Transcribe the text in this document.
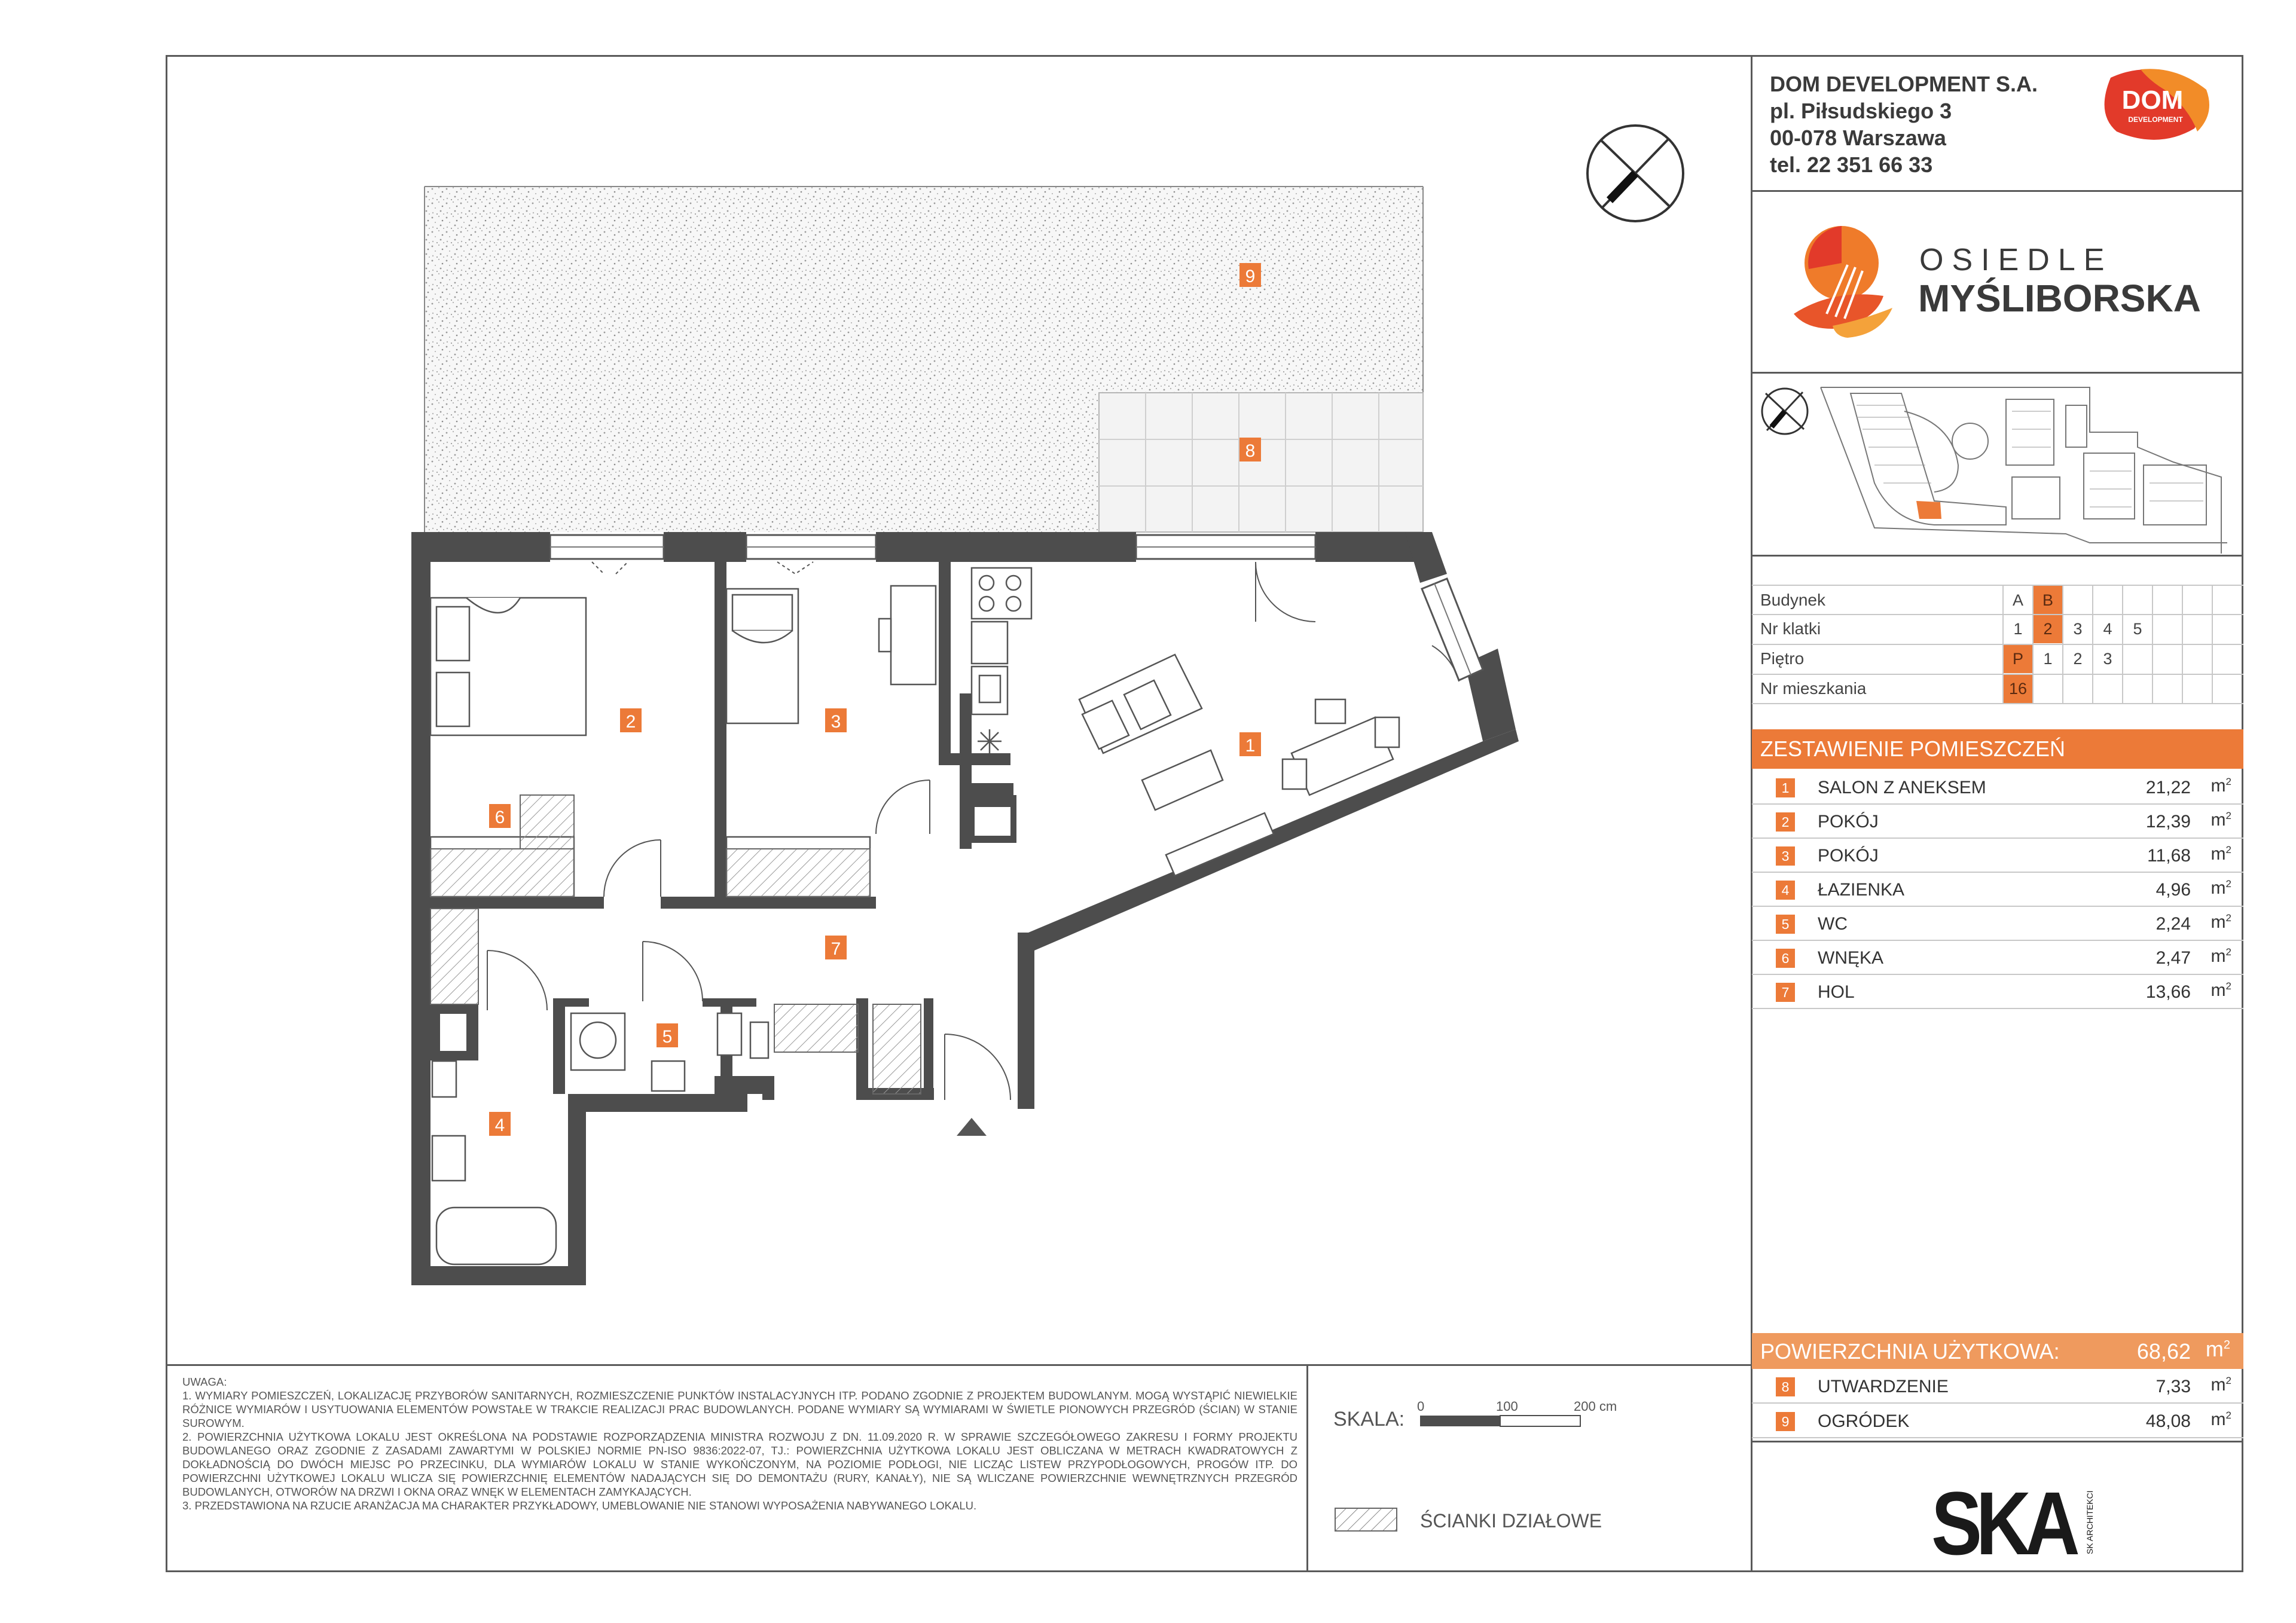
DOM DEVELOPMENT S.A.
pl. Piłsudskiego 3
00-078 Warszawa
tel. 22 351 66 33
DOM
DEVELOPMENT
OSIEDLE
MYŚLIBORSKA
Budynek	A	B
Nr klatki	1	2	3	4	5
Piętro	P	1	2	3
Nr mieszkania	16
ZESTAWIENIE POMIESZCZEŃ
1	SALON Z ANEKSEM	21,22 $m^2$
2	POKÓJ	12,39 $m^2$
3	POKÓJ	11,68 $m^2$
4	ŁAZIENKA	4,96 $m^2$
5	WC	2,24 $m^2$
6	WNĘKA	2,47 $m^2$
7	HOL	13,66 $m^2$
POWIERZCHNIA UŻYTKOWA:	68,62 $m^2$
8	UTWARDZENIE	7,33 $m^2$
9	OGRÓDEK	48,08 $m^2$
SKA	SK ARCHITEKCI
UWAGA:
1. WYMIARY POMIESZCZEŃ, LOKALIZACJĘ PRZYBORÓW SANITARNYCH, ROZMIESZCZENIE PUNKTÓW INSTALACYJNYCH ITP. PODANO ZGODNIE Z PROJEKTEM BUDOWLANYM. MOGĄ WYSTĄPIĆ NIEWIELKIE RÓŻNICE WYMIARÓW I USYTUOWANIA ELEMENTÓW POWSTAŁE W TRAKCIE REALIZACJI PRAC BUDOWLANYCH. PODANE WYMIARY SĄ WYMIARAMI W ŚWIETLE PIONOWYCH PRZEGRÓD (ŚCIAN) W STANIE SUROWYM.
2. POWIERZCHNIA UŻYTKOWA LOKALU JEST OKREŚLONA NA PODSTAWIE ROZPORZĄDZENIA MINISTRA ROZWOJU Z DN. 11.09.2020 R. W SPRAWIE SZCZEGÓŁOWEGO ZAKRESU I FORMY PROJEKTU BUDOWLANEGO ORAZ ZGODNIE Z ZASADAMI ZAWARTYMI W POLSKIEJ NORMIE PN-ISO 9836:2022-07, TJ.: POWIERZCHNIA UŻYTKOWA LOKALU JEST OBLICZANA W METRACH KWADRATOWYCH Z DOKŁADNOŚCIĄ DO DWÓCH MIEJSC PO PRZECINKU, DLA WYMIARÓW LOKALU W STANIE WYKOŃCZONYM, NA POZIOMIE PODŁOGI, NIE LICZĄC LISTEW PRZYPODŁOGOWYCH, PROGÓW ITP. DO POWIERZCHNI UŻYTKOWEJ LOKALU WLICZA SIĘ POWIERZCHNIĘ ELEMENTÓW NADAJĄCYCH SIĘ DO DEMONTAŻU (RURY, KANAŁY), NIE SĄ WLICZANE POWIERZCHNIE WEWNĘTRZNYCH PRZEGRÓD BUDOWLANYCH, OTWORÓW NA DRZWI I OKNA ORAZ WNĘK W ELEMENTACH ZAMYKAJĄCYCH.
3. PRZEDSTAWIONA NA RZUCIE ARANŻACJA MA CHARAKTER PRZYKŁADOWY, UMEBLOWANIE NIE STANOWI WYPOSAŻENIA NABYWANEGO LOKALU.
SKALA:
0	100	200 cm
ŚCIANKI DZIAŁOWE
1
2	3
4
5
6
7
8
9
